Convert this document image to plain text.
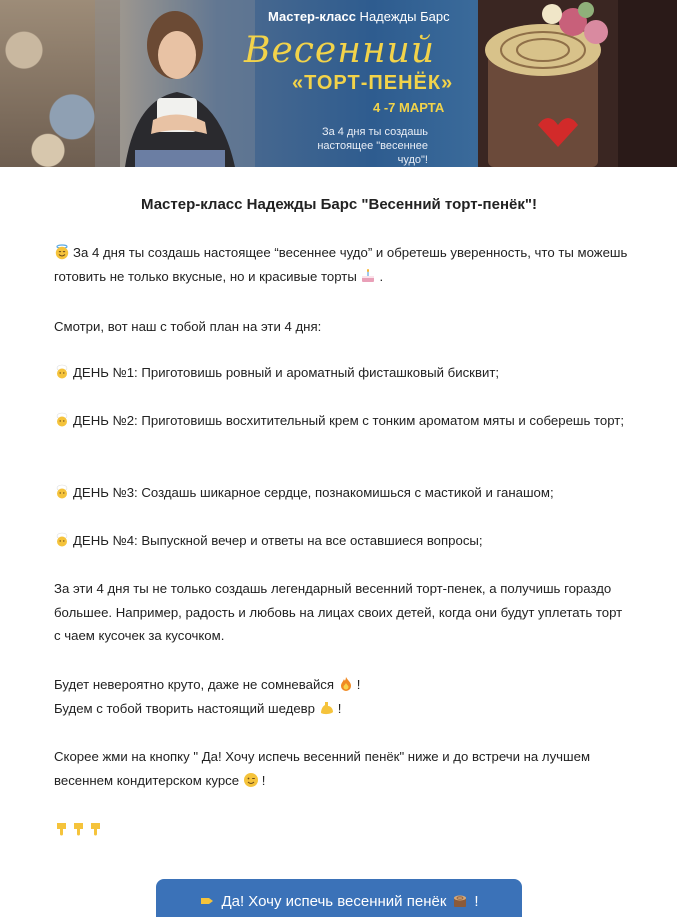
Мастер-класс Надежды Барс
Весенний
«ТОРТ-ПЕНЁК»
4 -7 МАРТА
За 4 дня ты создашь настоящее "весеннее чудо"!
Мастер-класс Надежды Барс "Весенний торт-пенёк"!
За 4 дня ты создашь настоящее “весеннее чудо” и обретешь уверенность, что ты можешь готовить не только вкусные, но и красивые торты .
Смотри, вот наш с тобой план на эти 4 дня:
ДЕНЬ №1: Приготовишь ровный и ароматный фисташковый бисквит;
ДЕНЬ №2: Приготовишь восхитительный крем с тонким ароматом мяты и соберешь торт;
ДЕНЬ №3: Создашь шикарное сердце, познакомишься с мастикой и ганашом;
ДЕНЬ №4: Выпускной вечер и ответы на все оставшиеся вопросы;
За эти 4 дня ты не только создашь легендарный весенний торт-пенек, а получишь гораздо большее. Например, радость и любовь на лицах своих детей, когда они будут уплетать торт с чаем кусочек за кусочком.
Будет невероятно круто, даже не сомневайся !
Будем с тобой творить настоящий шедевр !
Скорее жми на кнопку " Да! Хочу испечь весенний пенёк" ниже и до встречи на лучшем весеннем кондитерском курсе !
Да! Хочу испечь весенний пенёк !
